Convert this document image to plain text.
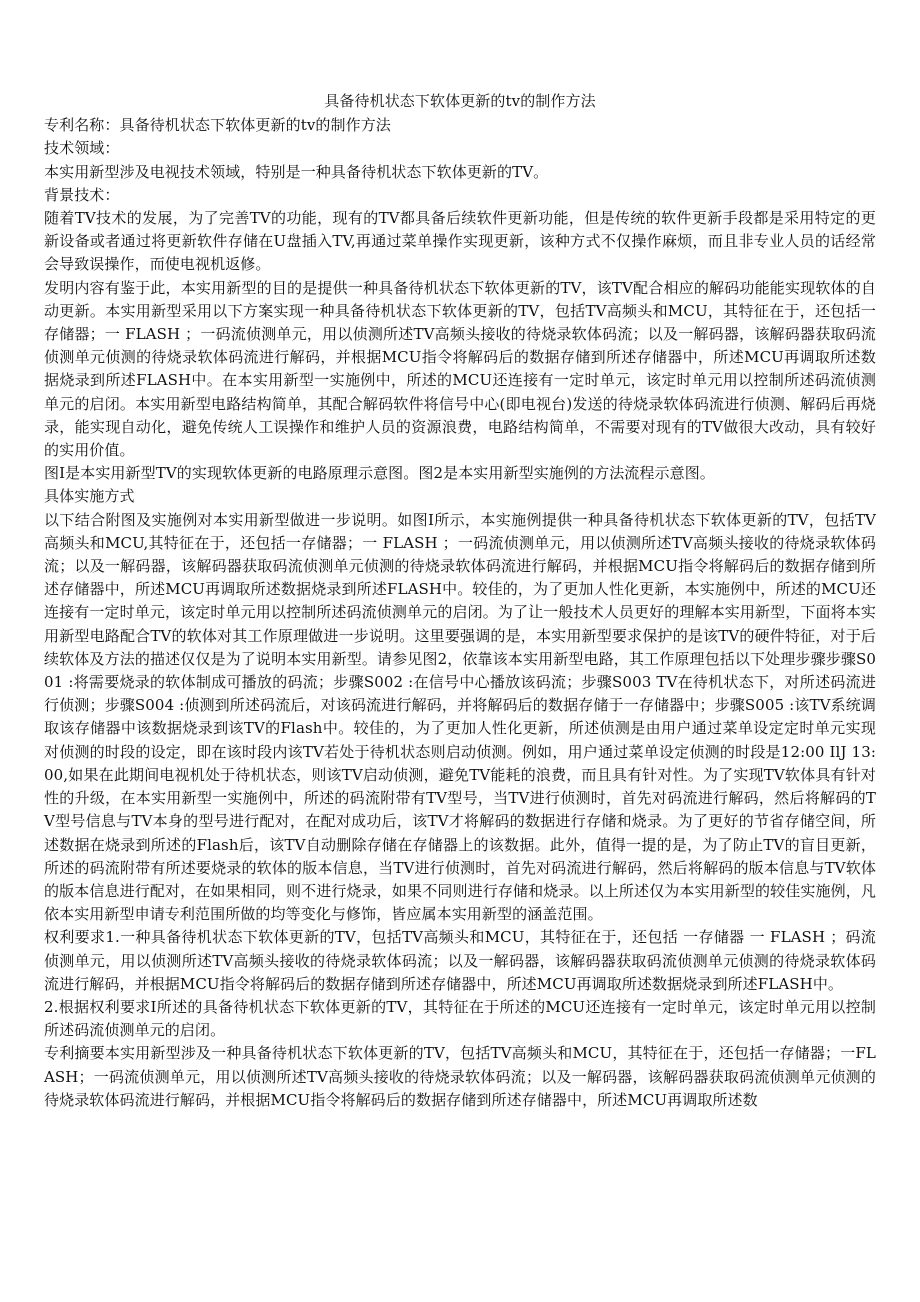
具备待机状态下软体更新的tv的制作方法

专利名称：具备待机状态下软体更新的tv的制作方法

技术领域：

本实用新型涉及电视技术领域，特别是一种具备待机状态下软体更新的TV。

背景技术：

随着TV技术的发展，为了完善TV的功能，现有的TV都具备后续软件更新功能，但是传统的软件更新手段都是采用特定的更新设备或者通过将更新软件存储在U盘插入TV,再通过菜单操作实现更新，该种方式不仅操作麻烦，而且非专业人员的话经常会导致误操作，而使电视机返修。

发明内容有鉴于此，本实用新型的目的是提供一种具备待机状态下软体更新的TV，该TV配合相应的解码功能能实现软体的自动更新。本实用新型采用以下方案实现一种具备待机状态下软体更新的TV，包括TV高频头和MCU，其特征在于，还包括一存储器；一 FLASH ；一码流侦测单元，用以侦测所述TV高频头接收的待烧录软体码流；以及一解码器，该解码器获取码流侦测单元侦测的待烧录软体码流进行解码，并根据MCU指令将解码后的数据存储到所述存储器中，所述MCU再调取所述数据烧录到所述FLASH中。在本实用新型一实施例中，所述的MCU还连接有一定时单元，该定时单元用以控制所述码流侦测单元的启闭。本实用新型电路结构简单，其配合解码软件将信号中心(即电视台)发送的待烧录软体码流进行侦测、解码后再烧录，能实现自动化，避免传统人工误操作和维护人员的资源浪费，电路结构简单，不需要对现有的TV做很大改动，具有较好的实用价值。

图I是本实用新型TV的实现软体更新的电路原理示意图。图2是本实用新型实施例的方法流程示意图。

具体实施方式

以下结合附图及实施例对本实用新型做进一步说明。如图I所示，本实施例提供一种具备待机状态下软体更新的TV，包括TV高频头和MCU,其特征在于，还包括一存储器；一 FLASH ；一码流侦测单元，用以侦测所述TV高频头接收的待烧录软体码流；以及一解码器，该解码器获取码流侦测单元侦测的待烧录软体码流进行解码，并根据MCU指令将解码后的数据存储到所述存储器中，所述MCU再调取所述数据烧录到所述FLASH中。较佳的，为了更加人性化更新，本实施例中，所述的MCU还连接有一定时单元，该定时单元用以控制所述码流侦测单元的启闭。为了让一般技术人员更好的理解本实用新型，下面将本实用新型电路配合TV的软体对其工作原理做进一步说明。这里要强调的是，本实用新型要求保护的是该TV的硬件特征，对于后续软体及方法的描述仅仅是为了说明本实用新型。请参见图2，依靠该本实用新型电路，其工作原理包括以下处理步骤步骤S001 :将需要烧录的软体制成可播放的码流；步骤S002 :在信号中心播放该码流；步骤S003 TV在待机状态下，对所述码流进行侦测；步骤S004 :侦测到所述码流后，对该码流进行解码，并将解码后的数据存储于一存储器中；步骤S005 :该TV系统调取该存储器中该数据烧录到该TV的Flash中。较佳的，为了更加人性化更新，所述侦测是由用户通过菜单设定定时单元实现对侦测的时段的设定，即在该时段内该TV若处于待机状态则启动侦测。例如，用户通过菜单设定侦测的时段是12:00 IlJ 13:00,如果在此期间电视机处于待机状态，则该TV启动侦测，避免TV能耗的浪费，而且具有针对性。为了实现TV软体具有针对性的升级，在本实用新型一实施例中，所述的码流附带有TV型号，当TV进行侦测时，首先对码流进行解码，然后将解码的TV型号信息与TV本身的型号进行配对，在配对成功后，该TV才将解码的数据进行存储和烧录。为了更好的节省存储空间，所述数据在烧录到所述的Flash后，该TV自动删除存储在存储器上的该数据。此外，值得一提的是，为了防止TV的盲目更新，所述的码流附带有所述要烧录的软体的版本信息，当TV进行侦测时，首先对码流进行解码，然后将解码的版本信息与TV软体的版本信息进行配对，在如果相同，则不进行烧录，如果不同则进行存储和烧录。以上所述仅为本实用新型的较佳实施例，凡依本实用新型申请专利范围所做的均等变化与修饰，皆应属本实用新型的涵盖范围。

权利要求1.一种具备待机状态下软体更新的TV，包括TV高频头和MCU，其特征在于，还包括 一存储器 一 FLASH ；码流侦测单元，用以侦测所述TV高频头接收的待烧录软体码流；以及一解码器，该解码器获取码流侦测单元侦测的待烧录软体码流进行解码，并根据MCU指令将解码后的数据存储到所述存储器中，所述MCU再调取所述数据烧录到所述FLASH中。

2.根据权利要求I所述的具备待机状态下软体更新的TV，其特征在于所述的MCU还连接有一定时单元，该定时单元用以控制所述码流侦测单元的启闭。

专利摘要本实用新型涉及一种具备待机状态下软体更新的TV，包括TV高频头和MCU，其特征在于，还包括一存储器；一FLASH；一码流侦测单元，用以侦测所述TV高频头接收的待烧录软体码流；以及一解码器，该解码器获取码流侦测单元侦测的待烧录软体码流进行解码，并根据MCU指令将解码后的数据存储到所述存储器中，所述MCU再调取所述数
